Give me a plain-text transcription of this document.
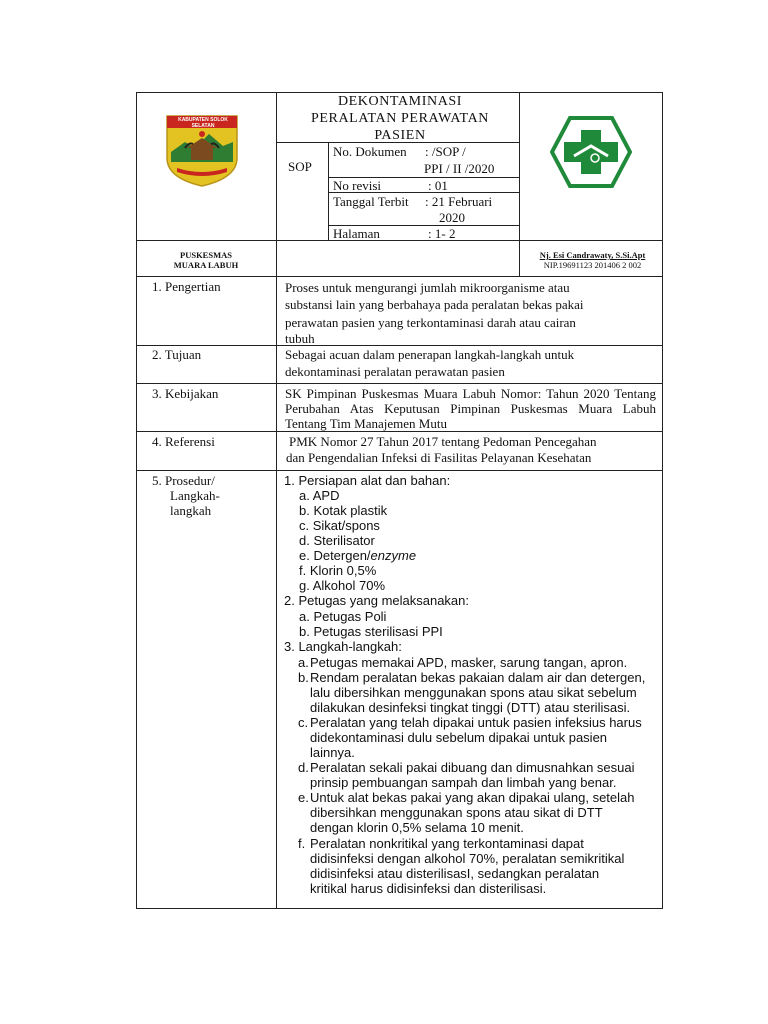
KABUPATEN SOLOK SELATAN
DEKONTAMINASI
PERALATAN PERAWATAN
PASIEN
SOP
No. Dokumen : /SOP /
PPI / II /2020
No revisi	: 01
Tanggal Terbit : 21 Februari
2020
Halaman	: 1- 2
PUSKESMAS
MUARA LABUH
Nj. Esi Candrawaty, S.Si.Apt
NIP.19691123 201406 2 002
1. Pengertian
2. Tujuan
3. Kebijakan
4. Referensi
5. Prosedur/
Langkah-
langkah
Proses untuk mengurangi jumlah mikroorganisme atau
substansi lain yang berbahaya pada peralatan bekas pakai
perawatan pasien yang terkontaminasi darah atau cairan
tubuh
Sebagai acuan dalam penerapan langkah-langkah untuk
dekontaminasi peralatan perawatan pasien
SK Pimpinan Puskesmas Muara Labuh Nomor: Tahun 2020 Tentang Perubahan Atas Keputusan Pimpinan Puskesmas Muara Labuh Tentang Tim Manajemen Mutu
PMK Nomor 27 Tahun 2017 tentang Pedoman Pencegahan
dan Pengendalian Infeksi di Fasilitas Pelayanan Kesehatan
1. Persiapan alat dan bahan:
a. APD
b. Kotak plastik
c. Sikat/spons
d. Sterilisator
e. Detergen/enzyme
f. Klorin 0,5%
g. Alkohol 70%
2. Petugas yang melaksanakan:
a. Petugas Poli
b. Petugas sterilisasi PPI
3. Langkah-langkah:
a. Petugas memakai APD, masker, sarung tangan, apron.
b. Rendam peralatan bekas pakaian dalam air dan detergen,
lalu dibersihkan menggunakan spons atau sikat sebelum
dilakukan desinfeksi tingkat tinggi (DTT) atau sterilisasi.
c. Peralatan yang telah dipakai untuk pasien infeksius harus
didekontaminasi dulu sebelum dipakai untuk pasien
lainnya.
d. Peralatan sekali pakai dibuang dan dimusnahkan sesuai
prinsip pembuangan sampah dan limbah yang benar.
e. Untuk alat bekas pakai yang akan dipakai ulang, setelah
dibersihkan menggunakan spons atau sikat di DTT
dengan klorin 0,5% selama 10 menit.
f. Peralatan nonkritikal yang terkontaminasi dapat
didisinfeksi dengan alkohol 70%, peralatan semikritikal
didisinfeksi atau disterilisasI, sedangkan peralatan
kritikal harus didisinfeksi dan disterilisasi.
